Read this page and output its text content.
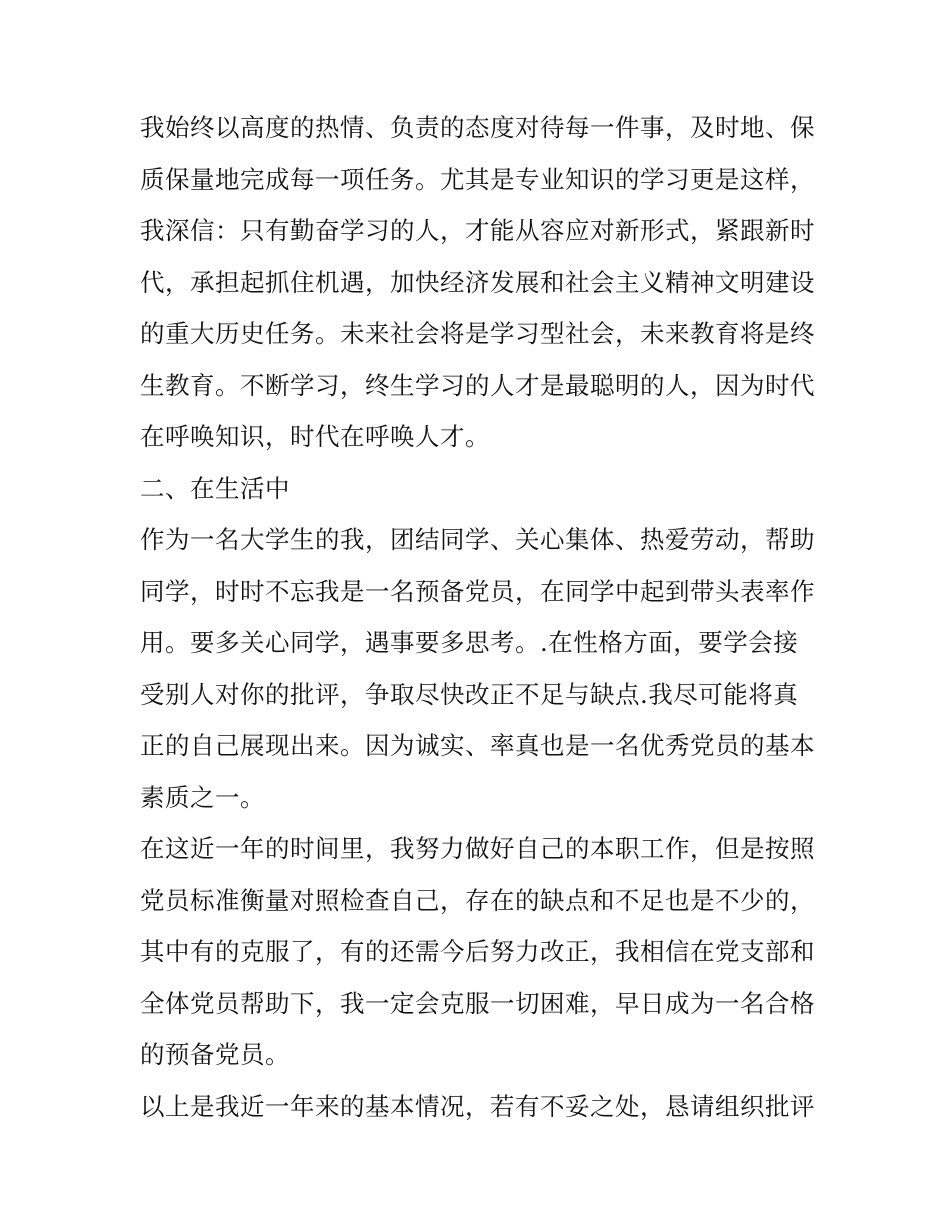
我始终以高度的热情、负责的态度对待每一件事，及时地、保
质保量地完成每一项任务。尤其是专业知识的学习更是这样，
我深信：只有勤奋学习的人，才能从容应对新形式，紧跟新时
代，承担起抓住机遇，加快经济发展和社会主义精神文明建设
的重大历史任务。未来社会将是学习型社会，未来教育将是终
生教育。不断学习，终生学习的人才是最聪明的人，因为时代
在呼唤知识，时代在呼唤人才。
二、在生活中
作为一名大学生的我，团结同学、关心集体、热爱劳动，帮助
同学，时时不忘我是一名预备党员，在同学中起到带头表率作
用。要多关心同学，遇事要多思考。.在性格方面，要学会接
受别人对你的批评，争取尽快改正不足与缺点.我尽可能将真
正的自己展现出来。因为诚实、率真也是一名优秀党员的基本
素质之一。
在这近一年的时间里，我努力做好自己的本职工作，但是按照
党员标准衡量对照检查自己，存在的缺点和不足也是不少的，
其中有的克服了，有的还需今后努力改正，我相信在党支部和
全体党员帮助下，我一定会克服一切困难，早日成为一名合格
的预备党员。
以上是我近一年来的基本情况，若有不妥之处，恳请组织批评
